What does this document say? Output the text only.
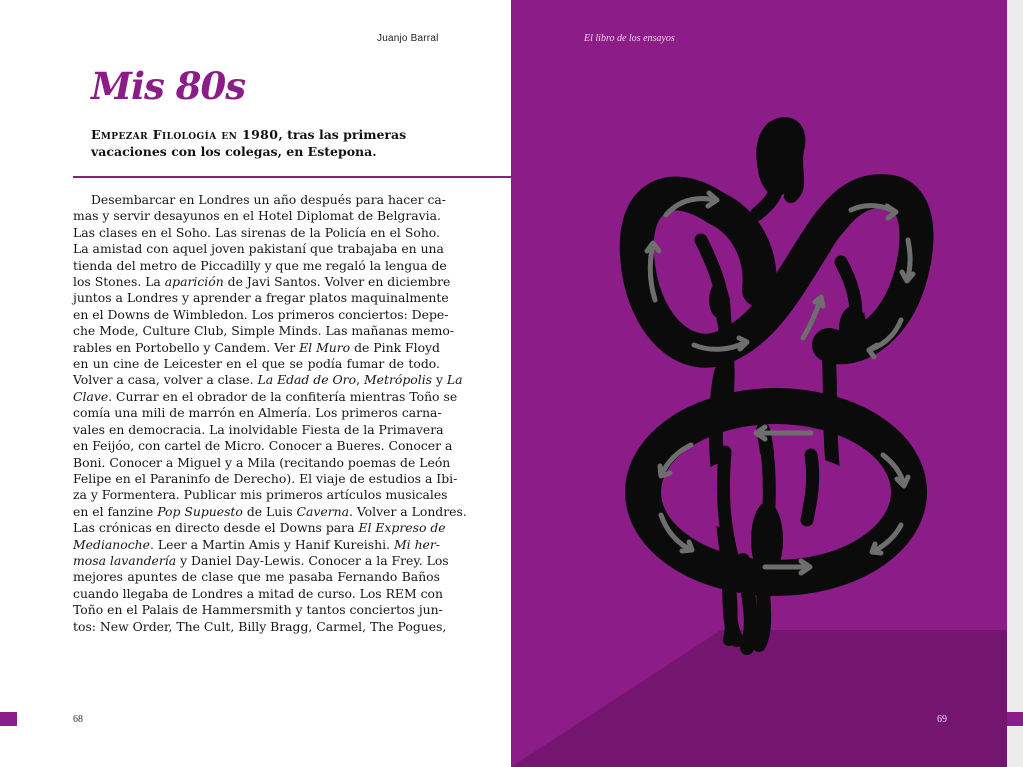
Juanjo Barral
Mis 80s
Empezar Filología en 1980, tras las primeras
vacaciones con los colegas, en Estepona.
Desembarcar en Londres un año después para hacer ca-
mas y servir desayunos en el Hotel Diplomat de Belgravia.
Las clases en el Soho. Las sirenas de la Policía en el Soho.
La amistad con aquel joven pakistaní que trabajaba en una
tienda del metro de Piccadilly y que me regaló la lengua de
los Stones. La aparición de Javi Santos. Volver en diciembre
juntos a Londres y aprender a fregar platos maquinalmente
en el Downs de Wimbledon. Los primeros conciertos: Depe-
che Mode, Culture Club, Simple Minds. Las mañanas memo-
rables en Portobello y Candem. Ver El Muro de Pink Floyd
en un cine de Leicester en el que se podía fumar de todo.
Volver a casa, volver a clase. La Edad de Oro, Metrópolis y La
Clave. Currar en el obrador de la confitería mientras Toño se
comía una mili de marrón en Almería. Los primeros carna-
vales en democracia. La inolvidable Fiesta de la Primavera
en Feijóo, con cartel de Micro. Conocer a Bueres. Conocer a
Boni. Conocer a Miguel y a Mila (recitando poemas de León
Felipe en el Paraninfo de Derecho). El viaje de estudios a Ibi-
za y Formentera. Publicar mis primeros artículos musicales
en el fanzine Pop Supuesto de Luis Caverna. Volver a Londres.
Las crónicas en directo desde el Downs para El Expreso de
Medianoche. Leer a Martin Amis y Hanif Kureishi. Mi her-
mosa lavandería y Daniel Day-Lewis. Conocer a la Frey. Los
mejores apuntes de clase que me pasaba Fernando Baños
cuando llegaba de Londres a mitad de curso. Los REM con
Toño en el Palais de Hammersmith y tantos conciertos jun-
tos: New Order, The Cult, Billy Bragg, Carmel, The Pogues,
68
El libro de los ensayos
69
